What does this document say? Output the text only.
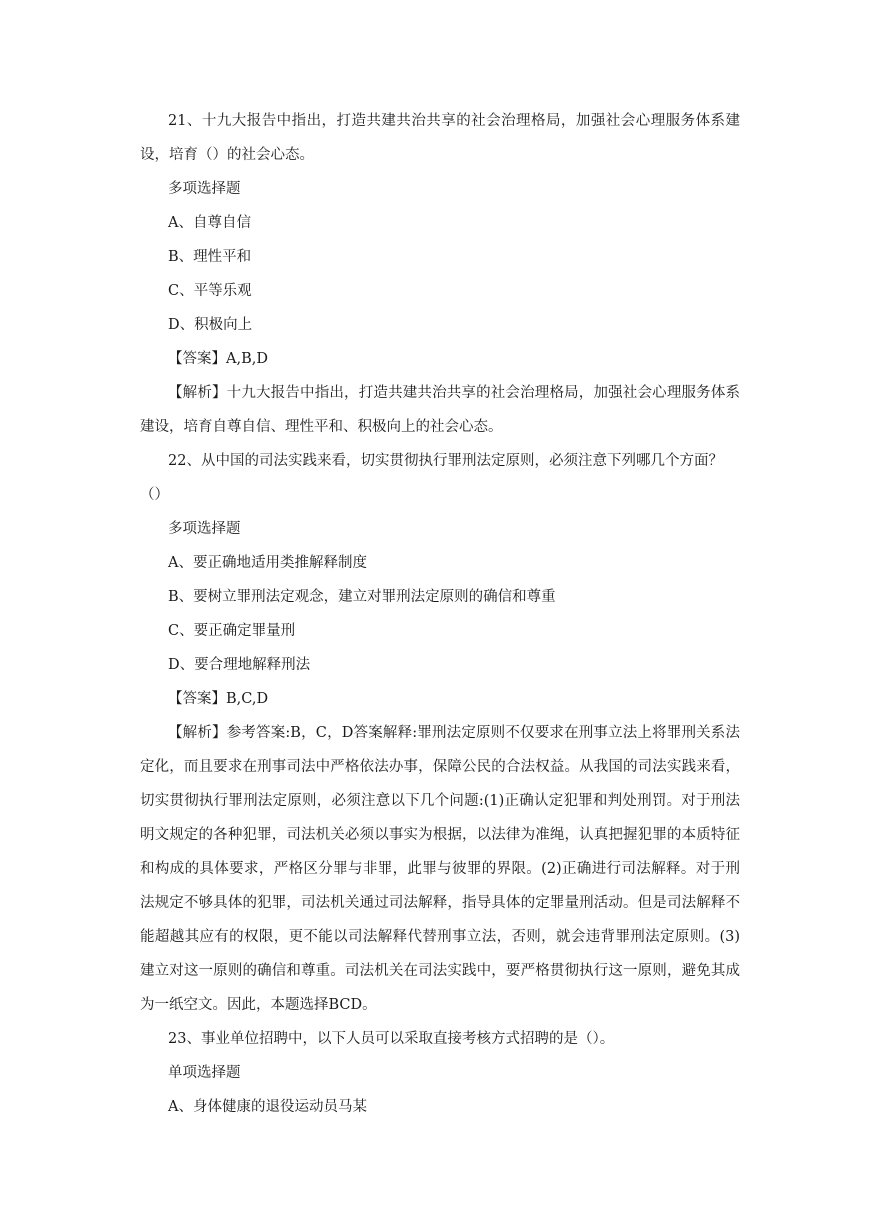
21、十九大报告中指出，打造共建共治共享的社会治理格局，加强社会心理服务体系建设，培育（）的社会心态。

多项选择题

A、自尊自信

B、理性平和

C、平等乐观

D、积极向上

【答案】A,B,D

【解析】十九大报告中指出，打造共建共治共享的社会治理格局，加强社会心理服务体系建设，培育自尊自信、理性平和、积极向上的社会心态。

22、从中国的司法实践来看，切实贯彻执行罪刑法定原则，必须注意下列哪几个方面？

（）

多项选择题

A、要正确地适用类推解释制度

B、要树立罪刑法定观念，建立对罪刑法定原则的确信和尊重

C、要正确定罪量刑

D、要合理地解释刑法

【答案】B,C,D

【解析】参考答案:B，C，D答案解释:罪刑法定原则不仅要求在刑事立法上将罪刑关系法定化，而且要求在刑事司法中严格依法办事，保障公民的合法权益。从我国的司法实践来看，切实贯彻执行罪刑法定原则，必须注意以下几个问题:(1)正确认定犯罪和判处刑罚。对于刑法明文规定的各种犯罪，司法机关必须以事实为根据，以法律为准绳，认真把握犯罪的本质特征和构成的具体要求，严格区分罪与非罪，此罪与彼罪的界限。(2)正确进行司法解释。对于刑法规定不够具体的犯罪，司法机关通过司法解释，指导具体的定罪量刑活动。但是司法解释不能超越其应有的权限，更不能以司法解释代替刑事立法，否则，就会违背罪刑法定原则。(3)建立对这一原则的确信和尊重。司法机关在司法实践中，要严格贯彻执行这一原则，避免其成为一纸空文。因此，本题选择BCD。

23、事业单位招聘中，以下人员可以采取直接考核方式招聘的是（）。

单项选择题

A、身体健康的退役运动员马某
